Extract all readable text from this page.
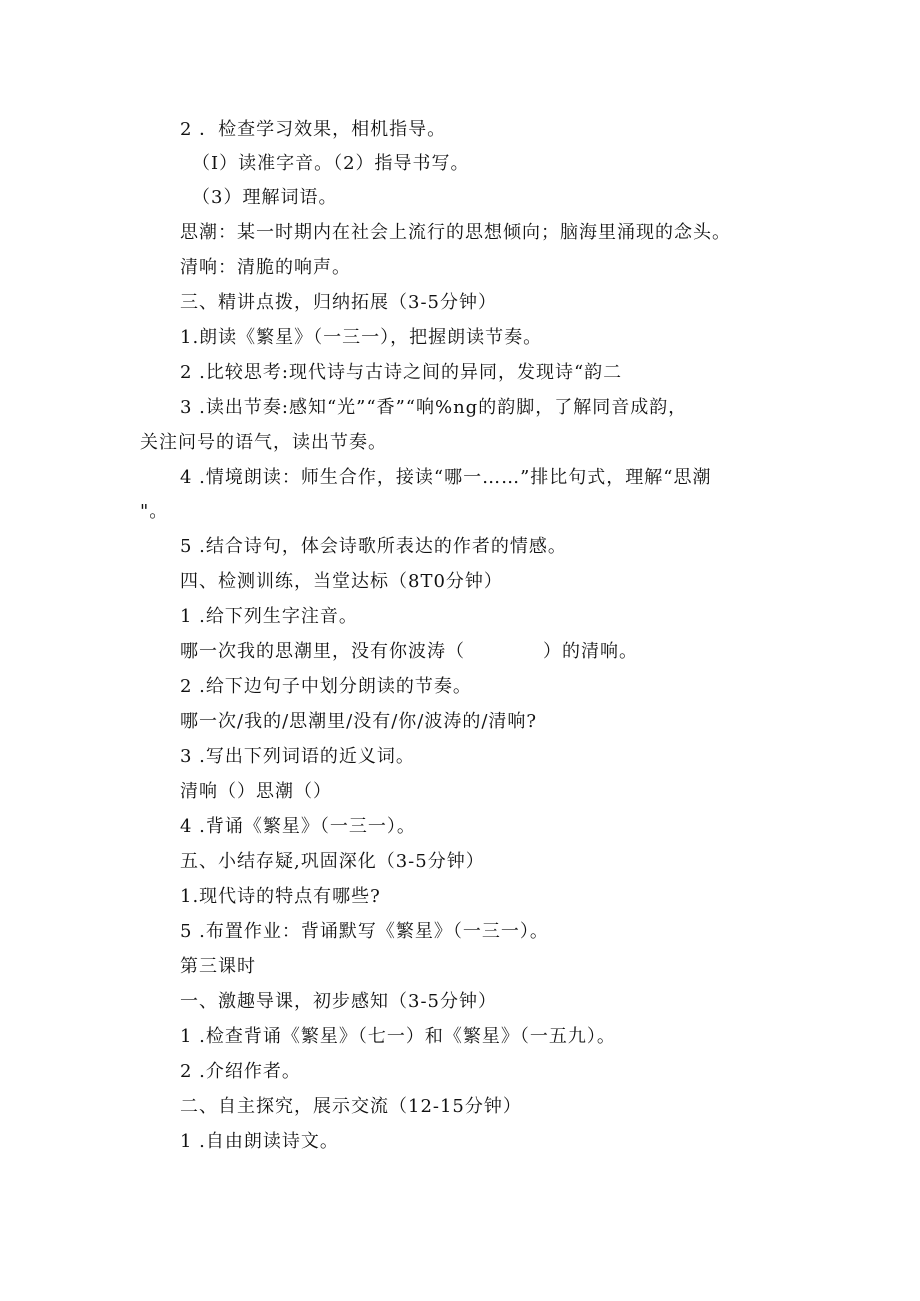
2 ．检查学习效果，相机指导。
（I）读准字音。（2）指导书写。
（3）理解词语。
思潮：某一时期内在社会上流行的思想倾向；脑海里涌现的念头。
清响：清脆的响声。
三、精讲点拨，归纳拓展（3-5分钟）
1.朗读《繁星》（一三一），把握朗读节奏。
2 .比较思考:现代诗与古诗之间的异同，发现诗“韵二
3 .读出节奏:感知“光”“香”“响%ng的韵脚，了解同音成韵，
关注问号的语气，读出节奏。
4 .情境朗读：师生合作，接读“哪一……”排比句式，理解“思潮
"。
5 .结合诗句，体会诗歌所表达的作者的情感。
四、检测训练，当堂达标（8T0分钟）
1 .给下列生字注音。
哪一次我的思潮里，没有你波涛（	）的清响。
2 .给下边句子中划分朗读的节奏。
哪一次/我的/思潮里/没有/你/波涛的/清响?
3 .写出下列词语的近义词。
清响（）思潮（）
4 .背诵《繁星》（一三一）。
五、小结存疑,巩固深化（3-5分钟）
1.现代诗的特点有哪些?
5 .布置作业：背诵默写《繁星》（一三一）。
第三课时
一、激趣导课，初步感知（3-5分钟）
1 .检查背诵《繁星》（七一）和《繁星》（一五九）。
2 .介绍作者。
二、自主探究，展示交流（12-15分钟）
1 .自由朗读诗文。
